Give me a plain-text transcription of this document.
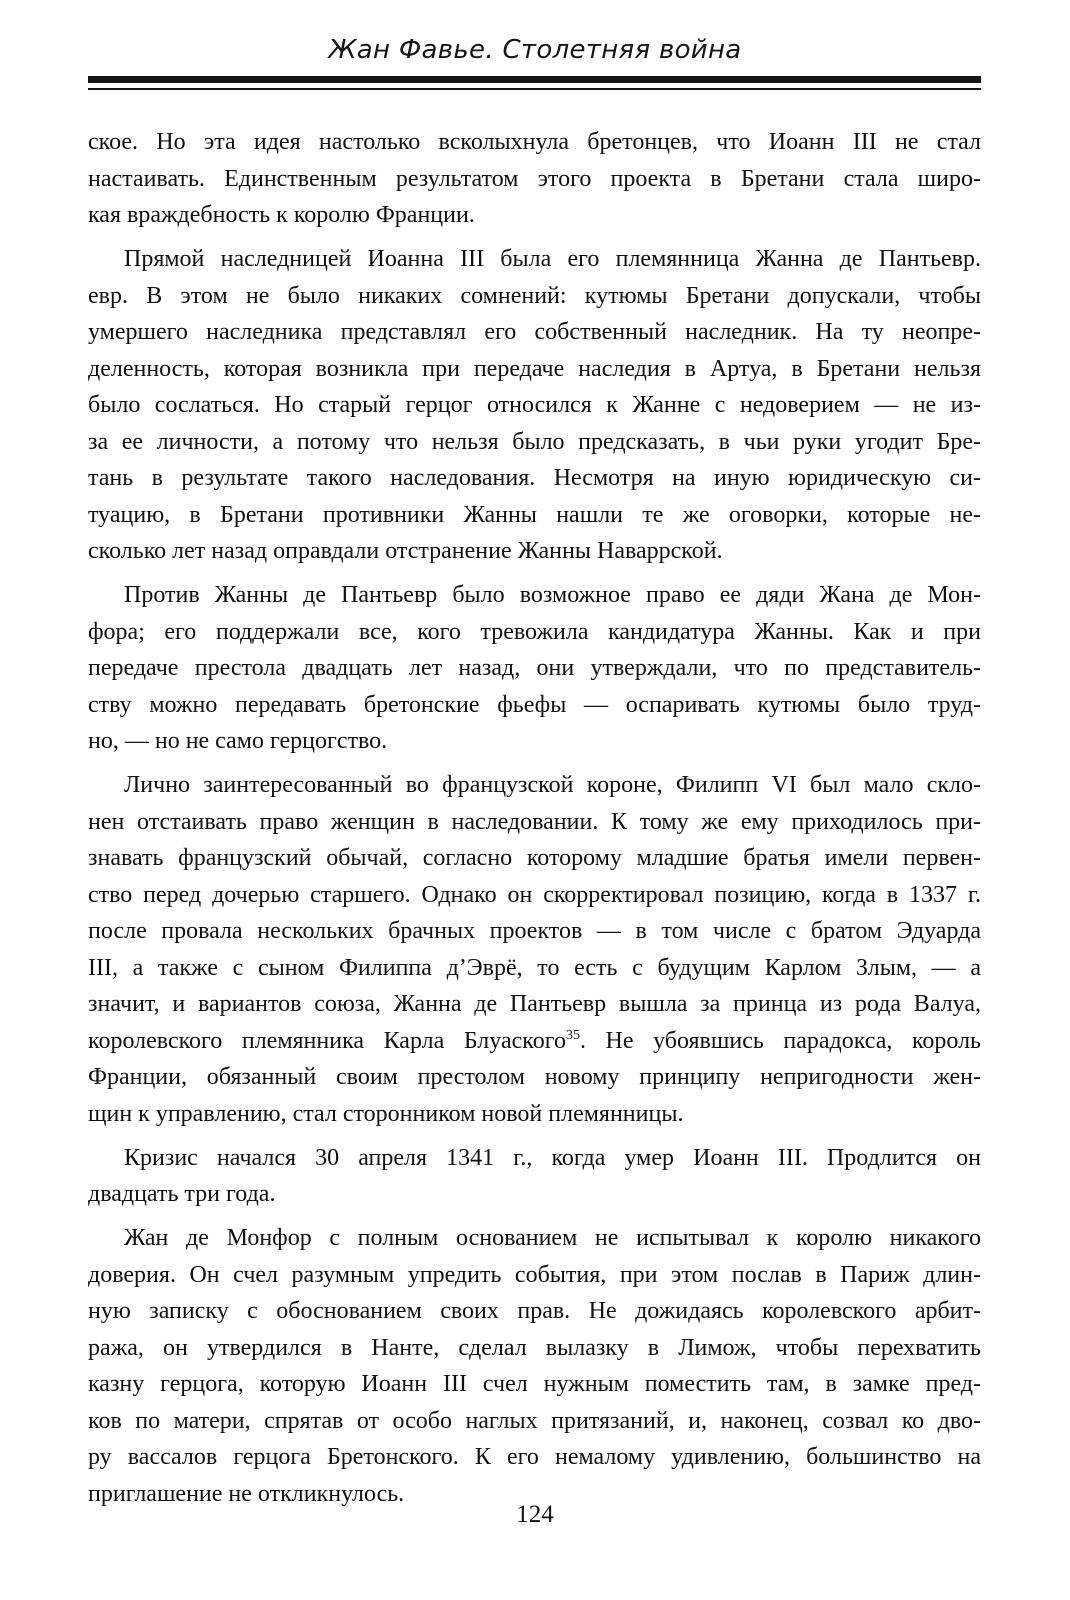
Жан Фавье. Столетняя война

ское. Но эта идея настолько всколыхнула бретонцев, что Иоанн III не стал
настаивать. Единственным результатом этого проекта в Бретани стала широ-
кая враждебность к королю Франции.

Прямой наследницей Иоанна III была его племянница Жанна де Пантьевр.
евр. В этом не было никаких сомнений: кутюмы Бретани допускали, чтобы
умершего наследника представлял его собственный наследник. На ту неопре-
деленность, которая возникла при передаче наследия в Артуа, в Бретани нельзя
было сослаться. Но старый герцог относился к Жанне с недоверием — не из-
за ее личности, а потому что нельзя было предсказать, в чьи руки угодит Бре-
тань в результате такого наследования. Несмотря на иную юридическую си-
туацию, в Бретани противники Жанны нашли те же оговорки, которые не-
сколько лет назад оправдали отстранение Жанны Наваррской.

Против Жанны де Пантьевр было возможное право ее дяди Жана де Мон-
фора; его поддержали все, кого тревожила кандидатура Жанны. Как и при
передаче престола двадцать лет назад, они утверждали, что по представитель-
ству можно передавать бретонские фьефы — оспаривать кутюмы было труд-
но, — но не само герцогство.

Лично заинтересованный во французской короне, Филипп VI был мало скло-
нен отстаивать право женщин в наследовании. К тому же ему приходилось при-
знавать французский обычай, согласно которому младшие братья имели первен-
ство перед дочерью старшего. Однако он скорректировал позицию, когда в 1337 г.
после провала нескольких брачных проектов — в том числе с братом Эдуарда
III, а также с сыном Филиппа д’Эврё, то есть с будущим Карлом Злым, — а
значит, и вариантов союза, Жанна де Пантьевр вышла за принца из рода Валуа,
королевского племянника Карла Блуаского$^{35}$. Не убоявшись парадокса, король
Франции, обязанный своим престолом новому принципу непригодности жен-
щин к управлению, стал сторонником новой племянницы.

Кризис начался 30 апреля 1341 г., когда умер Иоанн III. Продлится он
двадцать три года.

Жан де Монфор с полным основанием не испытывал к королю никакого
доверия. Он счел разумным упредить события, при этом послав в Париж длин-
ную записку с обоснованием своих прав. Не дожидаясь королевского арбит-
ража, он утвердился в Нанте, сделал вылазку в Лимож, чтобы перехватить
казну герцога, которую Иоанн III счел нужным поместить там, в замке пред-
ков по матери, спрятав от особо наглых притязаний, и, наконец, созвал ко дво-
ру вассалов герцога Бретонского. К его немалому удивлению, большинство на
приглашение не откликнулось.

124
